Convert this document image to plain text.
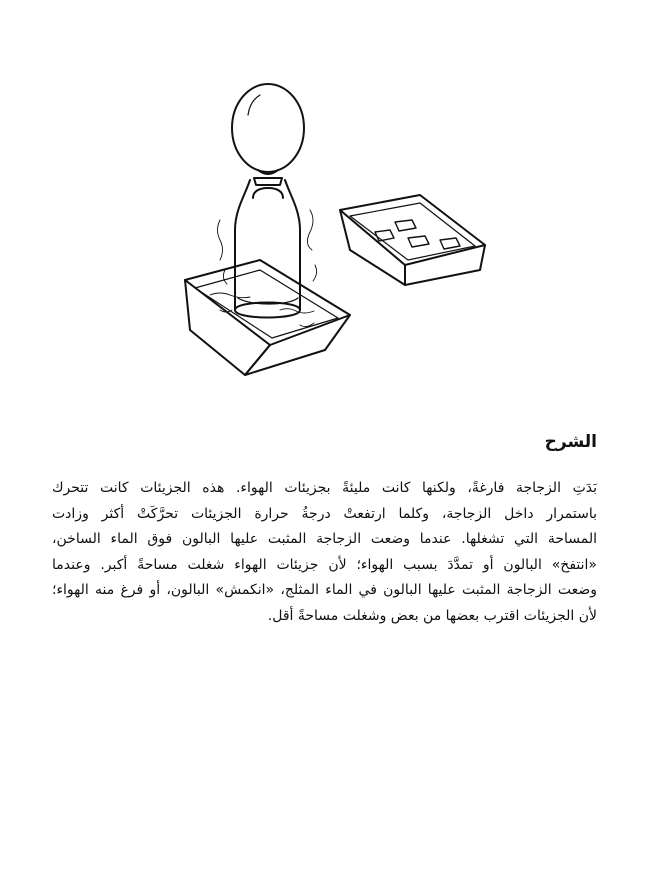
الشرح
بَدَتِ الزجاجة فارغةً، ولكنها كانت مليئةً بجزيئات الهواء. هذه الجزيئات كانت تتحرك
باستمرار داخل الزجاجة، وكلما ارتفعتْ درجةُ حرارة الجزيئات تحرَّكَتْ أكثر وزادت
المساحة التي تشغلها. عندما وضعت الزجاجة المثبت عليها البالون فوق الماء الساخن،
«انتفخ» البالون أو تمدَّدَ بسبب الهواء؛ لأن جزيئات الهواء شغلت مساحةً أكبر. وعندما
وضعت الزجاجة المثبت عليها البالون في الماء المثلج، «انكمش» البالون، أو فرغ منه الهواء؛
لأن الجزيئات اقترب بعضها من بعض وشغلت مساحةً أقل.
